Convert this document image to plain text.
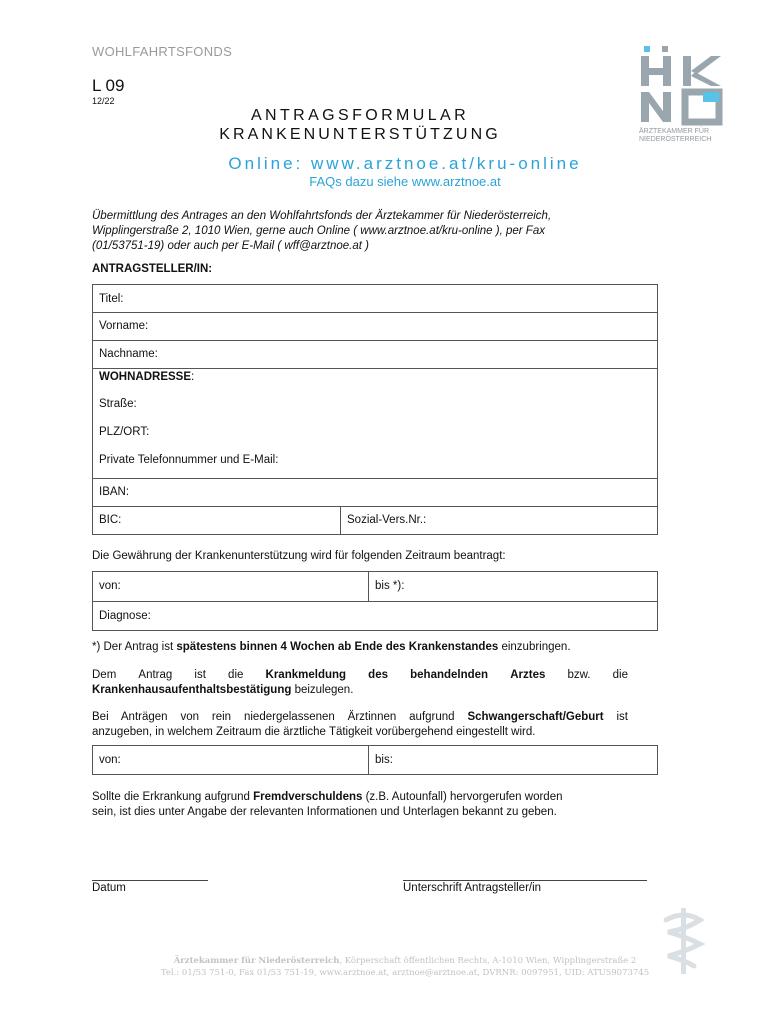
WOHLFAHRTSFONDS
L 09
12/22
ANTRAGSFORMULAR
KRANKENUNTERSTÜTZUNG
Online: www.arztnoe.at/kru-online
FAQs dazu siehe www.arztnoe.at
ÄRZTEKAMMER FÜR
NIEDERÖSTERREICH
Übermittlung des Antrages an den Wohlfahrtsfonds der Ärztekammer für Niederösterreich,
Wipplingerstraße 2, 1010 Wien, gerne auch Online ( www.arztnoe.at/kru-online ), per Fax
(01/53751-19) oder auch per E-Mail ( wff@arztnoe.at )
ANTRAGSTELLER/IN:
Titel:
Vorname:
Nachname:
WOHNADRESSE:
Straße:
PLZ/ORT:
Private Telefonnummer und E-Mail:
IBAN:
BIC:	Sozial-Vers.Nr.:
Die Gewährung der Krankenunterstützung wird für folgenden Zeitraum beantragt:
von:	bis *):
Diagnose:
*) Der Antrag ist spätestens binnen 4 Wochen ab Ende des Krankenstandes einzubringen.
Dem Antrag ist die Krankmeldung des behandelnden Arztes bzw. die
Krankenhausaufenthaltsbestätigung beizulegen.
Bei Anträgen von rein niedergelassenen Ärztinnen aufgrund Schwangerschaft/Geburt ist
anzugeben, in welchem Zeitraum die ärztliche Tätigkeit vorübergehend eingestellt wird.
von:	bis:
Sollte die Erkrankung aufgrund Fremdverschuldens (z.B. Autounfall) hervorgerufen worden
sein, ist dies unter Angabe der relevanten Informationen und Unterlagen bekannt zu geben.
Datum	Unterschrift Antragsteller/in
Ärztekammer für Niederösterreich, Körperschaft öffentlichen Rechts, A-1010 Wien, Wipplingerstraße 2
Tel.: 01/53 751-0, Fax 01/53 751-19, www.arztnoe.at, arztnoe@arztnoe.at, DVRNR: 0097951, UID: ATU59073745
